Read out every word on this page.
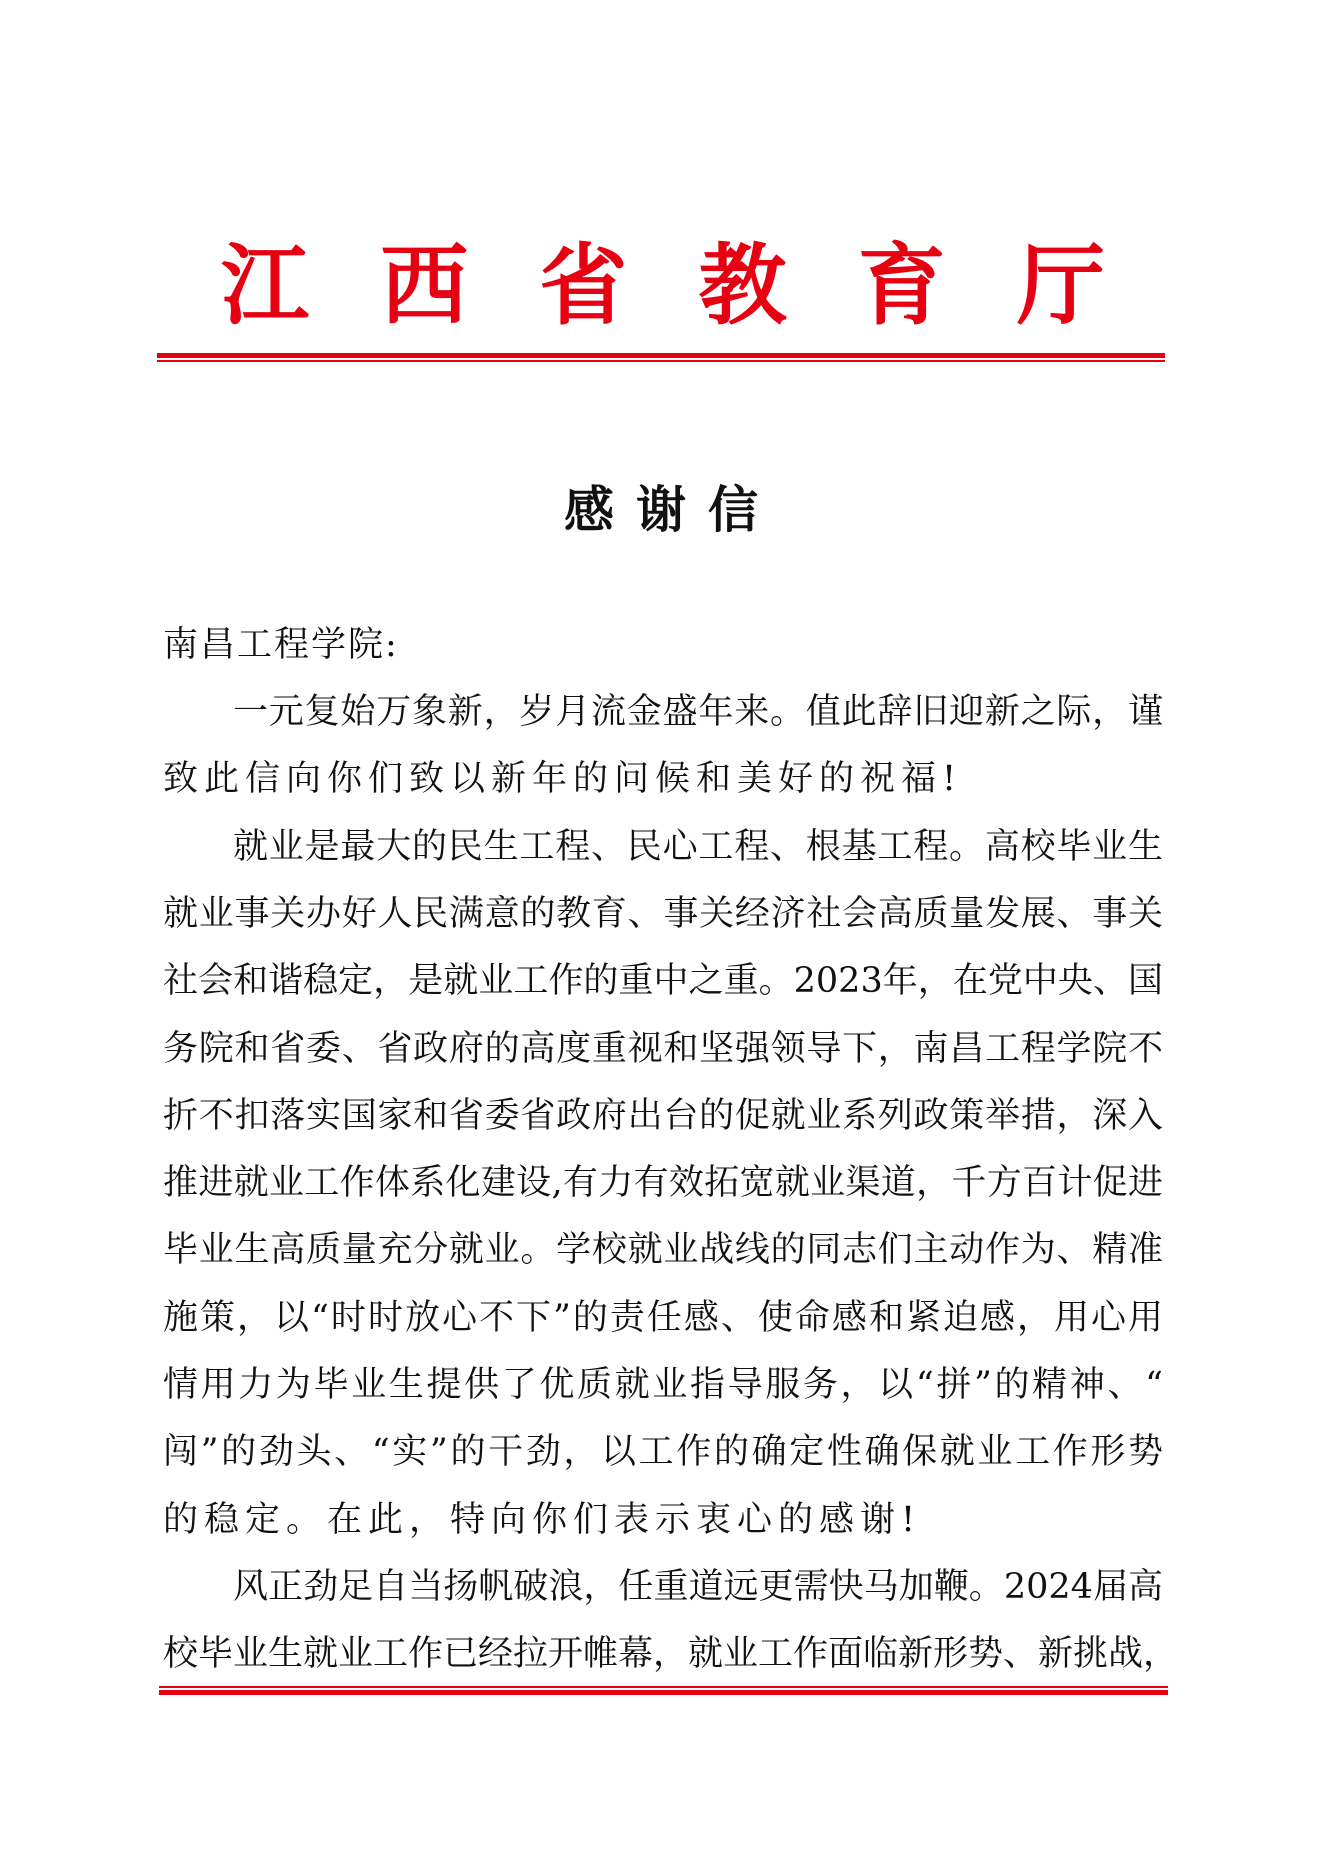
江 西 省 教 育 厅
感谢信
南昌工程学院:
一元复始万象新，岁月流金盛年来。值此辞旧迎新之际，谨
致此信向你们致以新年的问候和美好的祝福!
就业是最大的民生工程、民心工程、根基工程。高校毕业生
就业事关办好人民满意的教育、事关经济社会高质量发展、事关
社会和谐稳定，是就业工作的重中之重。2023年，在党中央、国
务院和省委、省政府的高度重视和坚强领导下，南昌工程学院不
折不扣落实国家和省委省政府出台的促就业系列政策举措，深入
推进就业工作体系化建设,有力有效拓宽就业渠道，千方百计促进
毕业生高质量充分就业。学校就业战线的同志们主动作为、精准
施策，以“时时放心不下”的责任感、使命感和紧迫感，用心用
情用力为毕业生提供了优质就业指导服务，以“拼”的精神、“
闯”的劲头、“实”的干劲，以工作的确定性确保就业工作形势
的稳定。在此，特向你们表示衷心的感谢!
风正劲足自当扬帆破浪，任重道远更需快马加鞭。2024届高
校毕业生就业工作已经拉开帷幕，就业工作面临新形势、新挑战，
